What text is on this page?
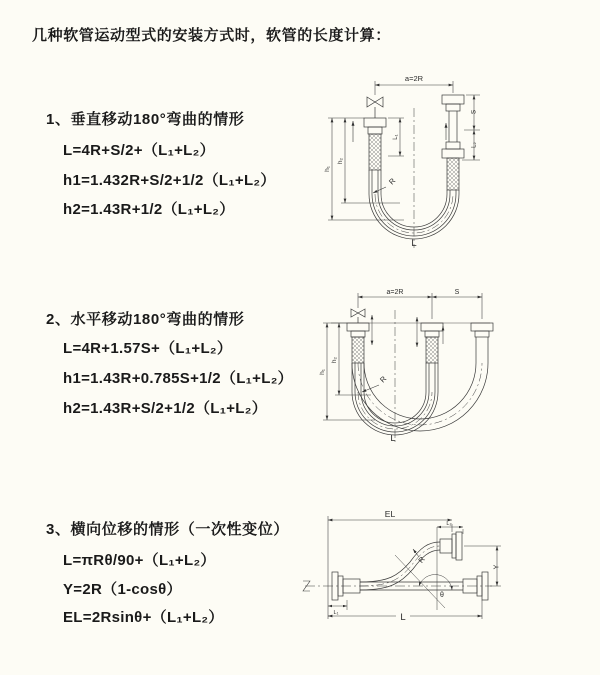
几种软管运动型式的安装方式时，软管的长度计算：
1、垂直移动180°弯曲的情形
L=4R+S/2+（L₁+L₂）
h1=1.432R+S/2+1/2（L₁+L₂）
h2=1.43R+1/2（L₁+L₂）
2、水平移动180°弯曲的情形
L=4R+1.57S+（L₁+L₂）
h1=1.43R+0.785S+1/2（L₁+L₂）
h2=1.43R+S/2+1/2（L₁+L₂）
3、横向位移的情形（一次性变位）
L=πRθ/90+（L₁+L₂）
Y=2R（1-cosθ）
EL=2Rsinθ+（L₁+L₂）
a=2R
h₁
h₂
L₁
S
L₂
R
L
a=2R	S
h₁
h₂
R
L
EL
L₂
Y
θ
R
L₁	L
